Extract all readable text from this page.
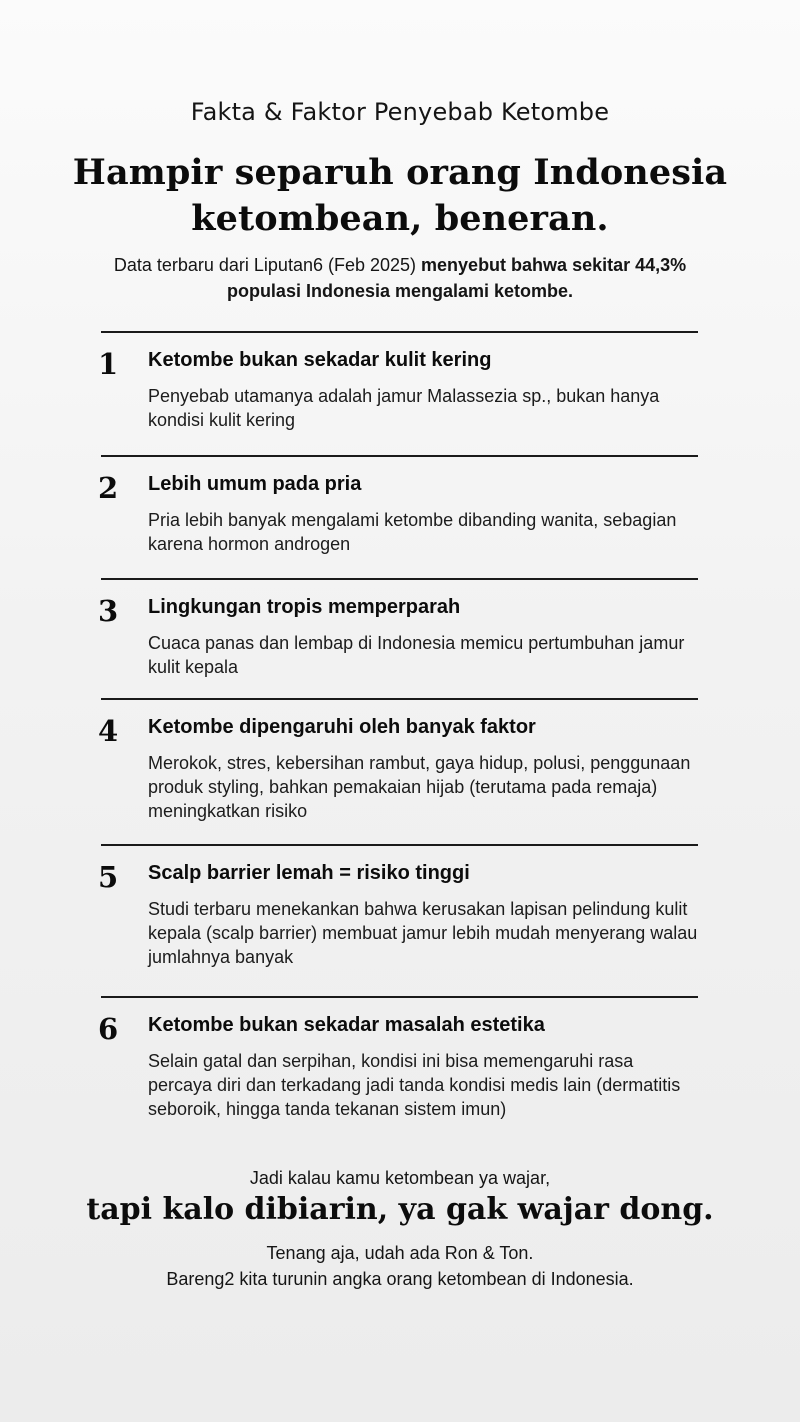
Fakta & Faktor Penyebab Ketombe
Hampir separuh orang Indonesia
ketombean, beneran.
Data terbaru dari Liputan6 (Feb 2025) menyebut bahwa sekitar 44,3%
populasi Indonesia mengalami ketombe.
1	Ketombe bukan sekadar kulit kering
Penyebab utamanya adalah jamur Malassezia sp., bukan hanya kondisi kulit kering
2	Lebih umum pada pria
Pria lebih banyak mengalami ketombe dibanding wanita, sebagian karena hormon androgen
3	Lingkungan tropis memperparah
Cuaca panas dan lembap di Indonesia memicu pertumbuhan jamur kulit kepala
4	Ketombe dipengaruhi oleh banyak faktor
Merokok, stres, kebersihan rambut, gaya hidup, polusi, penggunaan produk styling, bahkan pemakaian hijab (terutama pada remaja) meningkatkan risiko
5	Scalp barrier lemah = risiko tinggi
Studi terbaru menekankan bahwa kerusakan lapisan pelindung kulit kepala (scalp barrier) membuat jamur lebih mudah menyerang walau jumlahnya banyak
6	Ketombe bukan sekadar masalah estetika
Selain gatal dan serpihan, kondisi ini bisa memengaruhi rasa percaya diri dan terkadang jadi tanda kondisi medis lain (dermatitis seboroik, hingga tanda tekanan sistem imun)
Jadi kalau kamu ketombean ya wajar,
tapi kalo dibiarin, ya gak wajar dong.
Tenang aja, udah ada Ron & Ton.
Bareng2 kita turunin angka orang ketombean di Indonesia.
